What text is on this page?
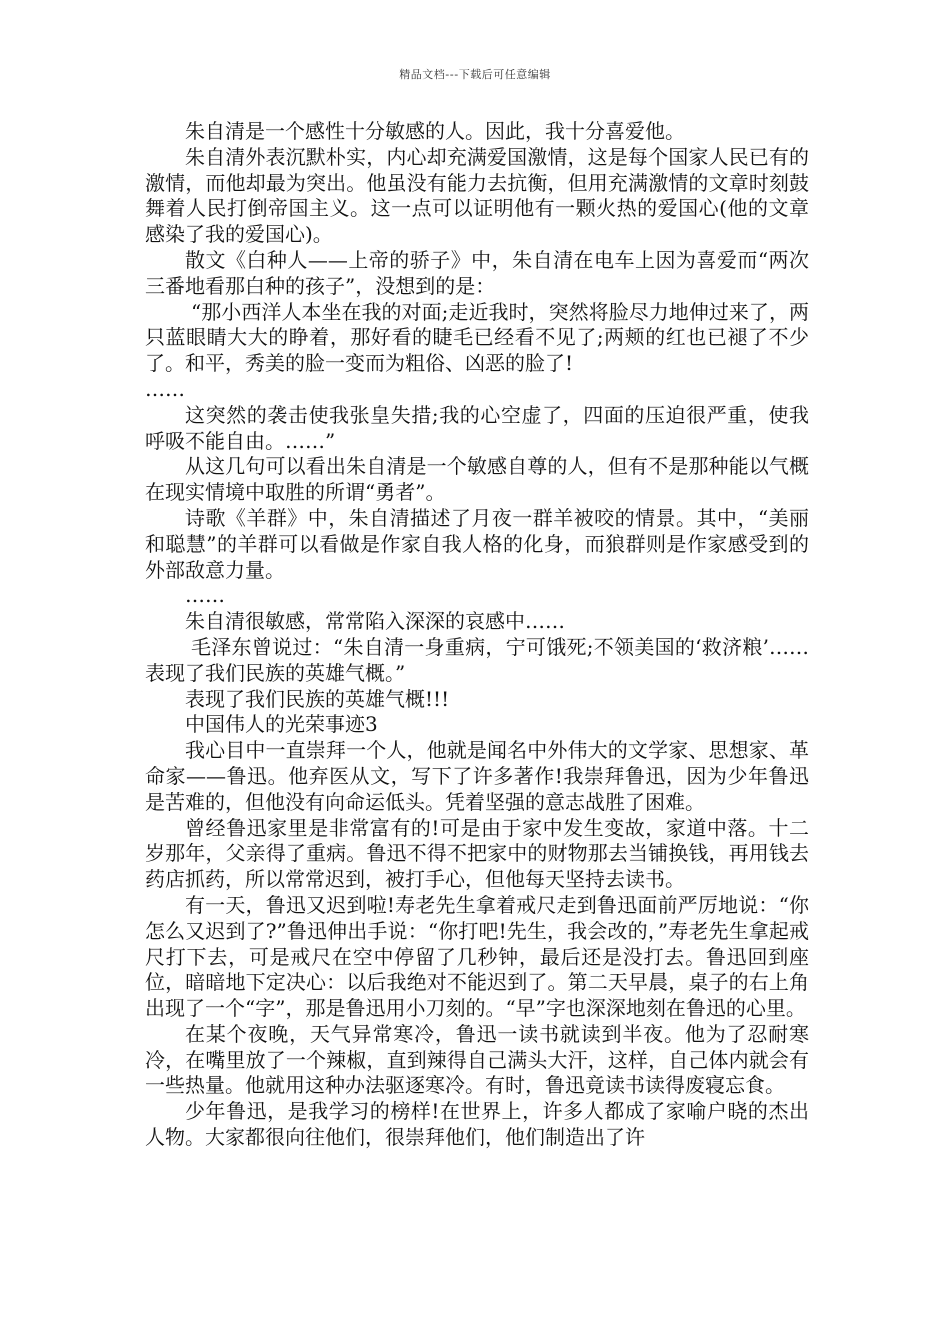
精品文档---下载后可任意编辑

朱自清是一个感性十分敏感的人。因此，我十分喜爱他。

朱自清外表沉默朴实，内心却充满爱国激情，这是每个国家人民已有的激情，而他却最为突出。他虽没有能力去抗衡，但用充满激情的文章时刻鼓舞着人民打倒帝国主义。这一点可以证明他有一颗火热的爱国心(他的文章感染了我的爱国心)。

散文《白种人——上帝的骄子》中，朱自清在电车上因为喜爱而“两次三番地看那白种的孩子”，没想到的是：

“那小西洋人本坐在我的对面;走近我时，突然将脸尽力地伸过来了，两只蓝眼睛大大的睁着，那好看的睫毛已经看不见了;两颊的红也已褪了不少了。和平，秀美的脸一变而为粗俗、凶恶的脸了!

……

这突然的袭击使我张皇失措;我的心空虚了，四面的压迫很严重，使我呼吸不能自由。……”

从这几句可以看出朱自清是一个敏感自尊的人，但有不是那种能以气概在现实情境中取胜的所谓“勇者”。

诗歌《羊群》中，朱自清描述了月夜一群羊被咬的情景。其中，“美丽和聪慧”的羊群可以看做是作家自我人格的化身，而狼群则是作家感受到的外部敌意力量。

……

朱自清很敏感，常常陷入深深的哀感中……

毛泽东曾说过：“朱自清一身重病，宁可饿死;不领美国的‘救济粮’……表现了我们民族的英雄气概。”

表现了我们民族的英雄气概!!!

中国伟人的光荣事迹3

我心目中一直崇拜一个人，他就是闻名中外伟大的文学家、思想家、革命家——鲁迅。他弃医从文，写下了许多著作!我崇拜鲁迅，因为少年鲁迅是苦难的，但他没有向命运低头。凭着坚强的意志战胜了困难。

曾经鲁迅家里是非常富有的!可是由于家中发生变故，家道中落。十二岁那年，父亲得了重病。鲁迅不得不把家中的财物那去当铺换钱，再用钱去药店抓药，所以常常迟到，被打手心，但他每天坚持去读书。

有一天，鲁迅又迟到啦!寿老先生拿着戒尺走到鲁迅面前严厉地说：“你怎么又迟到了?”鲁迅伸出手说：“你打吧!先生，我会改的，”寿老先生拿起戒尺打下去，可是戒尺在空中停留了几秒钟，最后还是没打去。鲁迅回到座位，暗暗地下定决心：以后我绝对不能迟到了。第二天早晨，桌子的右上角出现了一个“字”，那是鲁迅用小刀刻的。“早”字也深深地刻在鲁迅的心里。

在某个夜晚，天气异常寒冷，鲁迅一读书就读到半夜。他为了忍耐寒冷，在嘴里放了一个辣椒，直到辣得自己满头大汗，这样，自己体内就会有一些热量。他就用这种办法驱逐寒冷。有时，鲁迅竟读书读得废寝忘食。

少年鲁迅，是我学习的榜样!在世界上，许多人都成了家喻户晓的杰出人物。大家都很向往他们，很崇拜他们，他们制造出了许
